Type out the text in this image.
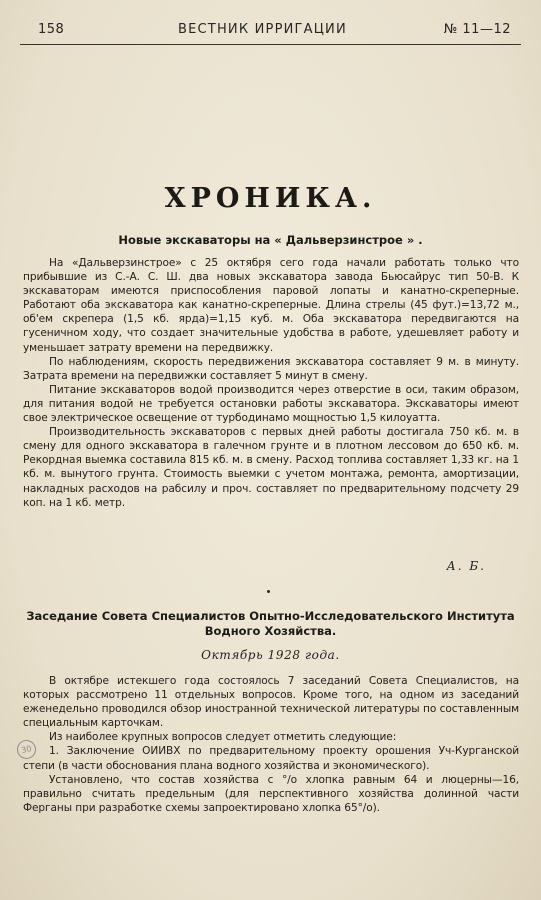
158	ВЕСТНИК ИРРИГАЦИИ	№ 11—12
ХРОНИКА.
Новые экскаваторы на « Дальверзинстрое » .

На «Дальверзинстрое» с 25 октября сего года начали работать только что прибывшие из С.-А. С. Ш. два новых экскаватора завода Бьюсайрус тип 50-В. К экскаваторам имеются приспособления паровой лопаты и канатно-скреперные. Работают оба экскаватора как канатно-скреперные. Длина стрелы (45 фут.)=13,72 м., об'ем скрепера (1,5 кб. ярда)=1,15 куб. м. Оба экскаватора передвигаются на гусеничном ходу, что создает значительные удобства в работе, удешевляет работу и уменьшает затрату времени на передвижку.

По наблюдениям, скорость передвижения экскаватора составляет 9 м. в минуту. Затрата времени на передвижки составляет 5 минут в смену.

Питание экскаваторов водой производится через отверстие в оси, таким образом, для питания водой не требуется остановки работы экскаватора. Экскаваторы имеют свое электрическое освещение от турбодинамо мощностью 1,5 килоуатта.

Производительность экскаваторов с первых дней работы достигала 750 кб. м. в смену для одного экскаватора в галечном грунте и в плотном лессовом до 650 кб. м. Рекордная выемка составила 815 кб. м. в смену. Расход топлива составляет 1,33 кг. на 1 кб. м. вынутого грунта. Стоимость выемки с учетом монтажа, ремонта, амортизации, накладных расходов на рабсилу и проч. составляет по предварительному подсчету 29 коп. на 1 кб. метр.

А. Б.
Заседание Совета Специалистов Опытно-Исследовательского Института Водного Хозяйства.
Октябрь 1928 года.

В октябре истекшего года состоялось 7 заседаний Совета Специалистов, на которых рассмотрено 11 отдельных вопросов. Кроме того, на одном из заседаний еженедельно проводился обзор иностранной технической литературы по составленным специальным карточкам.

Из наиболее крупных вопросов следует отметить следующие:

1. Заключение ОИИВХ по предварительному проекту орошения Уч-Курганской степи (в части обоснования плана водного хозяйства и экономического).

Установлено, что состав хозяйства с °/о хлопка равным 64 и люцерны—16, правильно считать предельным (для перспективного хозяйства долинной части Ферганы при разработке схемы запроектировано хлопка 65°/о).

30
